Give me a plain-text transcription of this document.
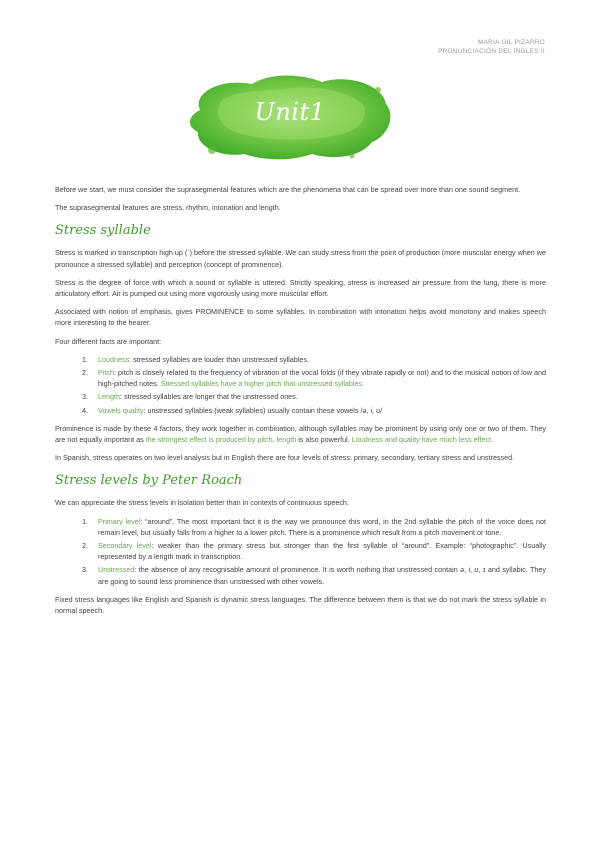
MARIA GIL PIZARRO
PRONUNCIACIÓN DEL INGLES II
Unit1

Before we start, we must consider the suprasegmental features which are the phenomena that can be spread over more than one sound segment.

The suprasegmental features are stress, rhythm, intonation and length.

Stress syllable

Stress is marked in transcription high up (ˈ) before the stressed syllable. We can study stress from the point of production (more muscular energy when we pronounce a stressed syllable) and perception (concept of prominence).

Stress is the degree of force with which a sound or syllable is uttered. Strictly speaking, stress is increased air pressure from the lung, there is more articulatory effort. Air is pumped out using more vigorously using more muscular effort.

Associated with notion of emphasis, gives PROMINENCE to some syllables. In combination with intonation helps avoid monotony and makes speech more interesting to the hearer.

Four different facts are important:

1. Loudness: stressed syllables are louder than unstressed syllables.
2. Pitch: pitch is closely related to the frequency of vibration of the vocal folds (if they vibrate rapidly or not) and to the musical notion of low and high-pitched notes. Stressed syllables have a higher pitch that unstressed syllables.
3. Length: stressed syllables are longer that the unstressed ones.
4. Vowels quality: unstressed syllables (weak syllables) usually contain these vowels /ə, i, ʊ/

Prominence is made by these 4 factors, they work together in combination, although syllables may be prominent by using only one or two of them. They are not equally important as the strongest effect is produced by pitch, length is also powerful. Loudness and quality have much less effect.

In Spanish, stress operates on two level analysis but in English there are four levels of stress: primary, secondary, tertiary stress and unstressed.

Stress levels by Peter Roach

We can appreciate the stress levels in isolation better than in contexts of continuous speech.

1. Primary level: “around”. The most important fact it is the way we pronounce this word, in the 2nd syllable the pitch of the voice does not remain level, but usually falls from a higher to a lower pitch. There is a prominence which result from a pitch movement or tone.
2. Secondary level: weaker than the primary stress but stronger than the first syllable of “around”. Example: “photographic”. Usually represented by a length mark in transcription.
3. Unstressed: the absence of any recognisable amount of prominence. It is worth nothing that unstressed contain ə, i, ʊ, ɪ and syllabic. They are going to sound less prominence than unstressed with other vowels.

Fixed stress languages like English and Spanish is dynamic stress languages. The difference between them is that we do not mark the stress syllable in normal speech.
